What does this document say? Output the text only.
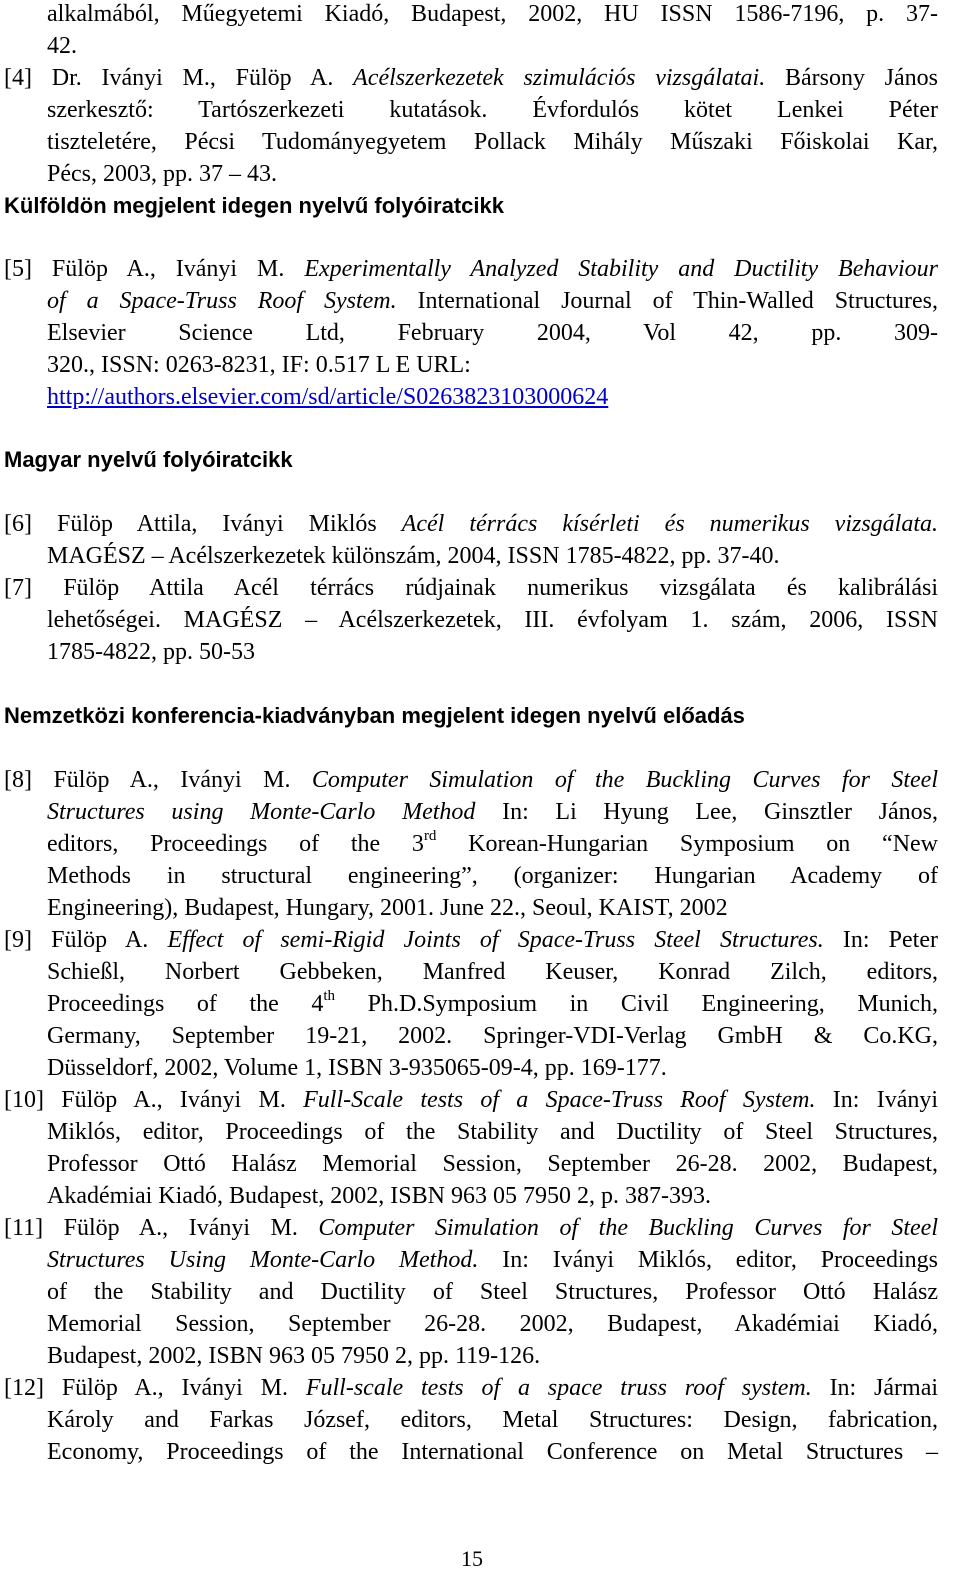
alkalmából, Műegyetemi Kiadó, Budapest, 2002, HU ISSN 1586-7196, p. 37-
42.
[4] Dr. Iványi M., Fülöp A. Acélszerkezetek szimulációs vizsgálatai. Bársony János
szerkesztő: Tartószerkezeti kutatások. Évfordulós kötet Lenkei Péter
tiszteletére, Pécsi Tudományegyetem Pollack Mihály Műszaki Főiskolai Kar,
Pécs, 2003, pp. 37 – 43.
Külföldön megjelent idegen nyelvű folyóiratcikk
[5] Fülöp A., Iványi M. Experimentally Analyzed Stability and Ductility Behaviour
of a Space-Truss Roof System. International Journal of Thin-Walled Structures,
Elsevier Science Ltd, February 2004, Vol 42, pp. 309-
320., ISSN: 0263-8231, IF: 0.517 L E URL:
http://authors.elsevier.com/sd/article/S0263823103000624
Magyar nyelvű folyóiratcikk
[6] Fülöp Attila, Iványi Miklós Acél térrács kísérleti és numerikus vizsgálata.
MAGÉSZ – Acélszerkezetek különszám, 2004, ISSN 1785-4822, pp. 37-40.
[7] Fülöp Attila Acél térrács rúdjainak numerikus vizsgálata és kalibrálási
lehetőségei. MAGÉSZ – Acélszerkezetek, III. évfolyam 1. szám, 2006, ISSN
1785-4822, pp. 50-53
Nemzetközi konferencia-kiadványban megjelent idegen nyelvű előadás
[8] Fülöp A., Iványi M. Computer Simulation of the Buckling Curves for Steel
Structures using Monte-Carlo Method In: Li Hyung Lee, Ginsztler János,
editors, Proceedings of the 3rd Korean-Hungarian Symposium on “New
Methods in structural engineering”, (organizer: Hungarian Academy of
Engineering), Budapest, Hungary, 2001. June 22., Seoul, KAIST, 2002
[9] Fülöp A. Effect of semi-Rigid Joints of Space-Truss Steel Structures. In: Peter
Schießl, Norbert Gebbeken, Manfred Keuser, Konrad Zilch, editors,
Proceedings of the 4th Ph.D.Symposium in Civil Engineering, Munich,
Germany, September 19-21, 2002. Springer-VDI-Verlag GmbH & Co.KG,
Düsseldorf, 2002, Volume 1, ISBN 3-935065-09-4, pp. 169-177.
[10] Fülöp A., Iványi M. Full-Scale tests of a Space-Truss Roof System. In: Iványi
Miklós, editor, Proceedings of the Stability and Ductility of Steel Structures,
Professor Ottó Halász Memorial Session, September 26-28. 2002, Budapest,
Akadémiai Kiadó, Budapest, 2002, ISBN 963 05 7950 2, p. 387-393.
[11] Fülöp A., Iványi M. Computer Simulation of the Buckling Curves for Steel
Structures Using Monte-Carlo Method. In: Iványi Miklós, editor, Proceedings
of the Stability and Ductility of Steel Structures, Professor Ottó Halász
Memorial Session, September 26-28. 2002, Budapest, Akadémiai Kiadó,
Budapest, 2002, ISBN 963 05 7950 2, pp. 119-126.
[12] Fülöp A., Iványi M. Full-scale tests of a space truss roof system. In: Jármai
Károly and Farkas József, editors, Metal Structures: Design, fabrication,
Economy, Proceedings of the International Conference on Metal Structures –
15
